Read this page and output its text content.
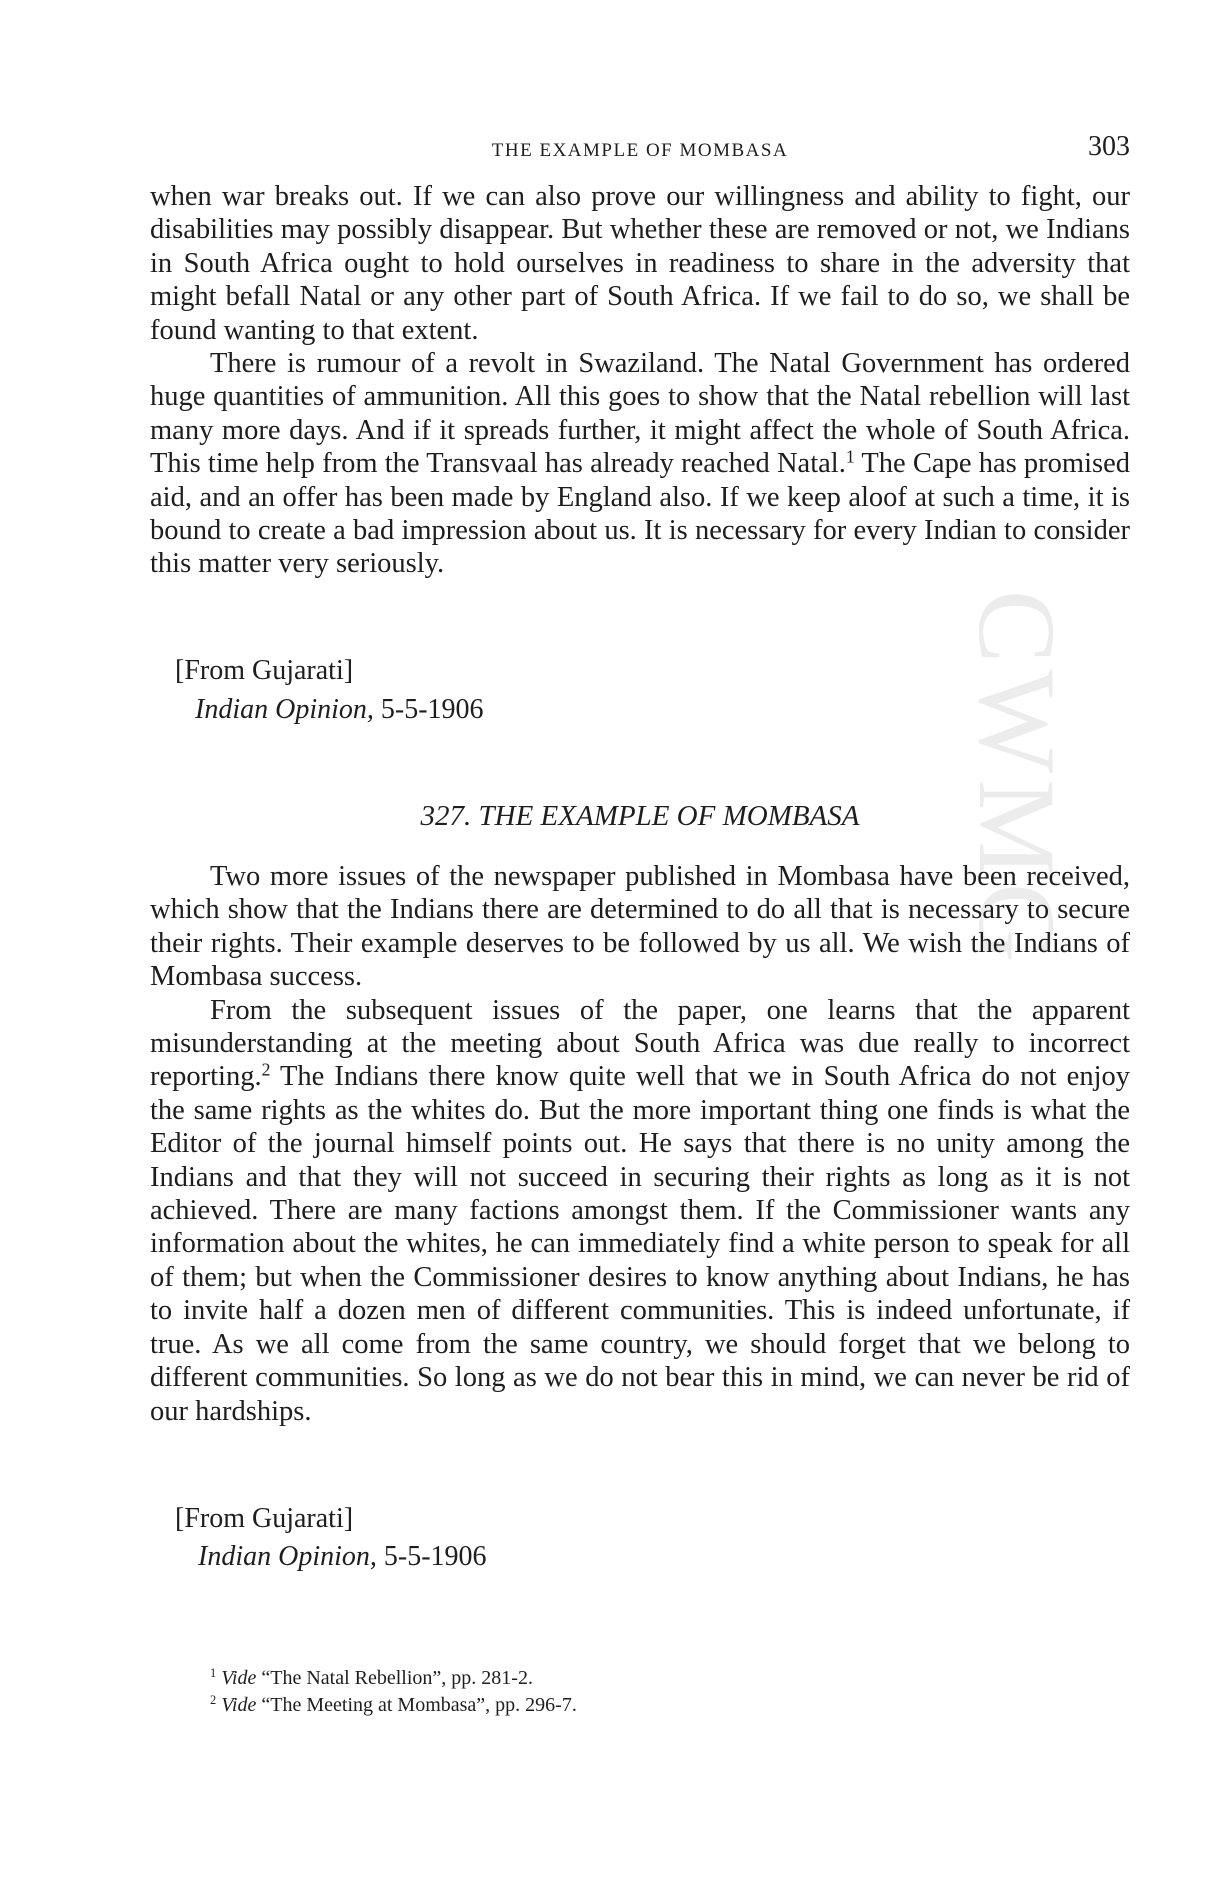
CWMG
THE EXAMPLE OF MOMBASA	303

when war breaks out. If we can also prove our willingness and ability to fight, our disabilities may possibly disappear. But whether these are removed or not, we Indians in South Africa ought to hold ourselves in readiness to share in the adversity that might befall Natal or any other part of South Africa. If we fail to do so, we shall be found wanting to that extent.

There is rumour of a revolt in Swaziland. The Natal Government has ordered huge quantities of ammunition. All this goes to show that the Natal rebellion will last many more days. And if it spreads further, it might affect the whole of South Africa. This time help from the Transvaal has already reached Natal.$^1$ The Cape has promised aid, and an offer has been made by England also. If we keep aloof at such a time, it is bound to create a bad impression about us. It is necessary for every Indian to consider this matter very seriously.

[From Gujarati]

Indian Opinion, 5-5-1906

327. THE EXAMPLE OF MOMBASA

Two more issues of the newspaper published in Mombasa have been received, which show that the Indians there are determined to do all that is necessary to secure their rights. Their example deserves to be followed by us all. We wish the Indians of Mombasa success.

From the subsequent issues of the paper, one learns that the apparent misunderstanding at the meeting about South Africa was due really to incorrect reporting.$^2$ The Indians there know quite well that we in South Africa do not enjoy the same rights as the whites do. But the more important thing one finds is what the Editor of the journal himself points out. He says that there is no unity among the Indians and that they will not succeed in securing their rights as long as it is not achieved. There are many factions amongst them. If the Commissioner wants any information about the whites, he can immediately find a white person to speak for all of them; but when the Commissioner desires to know anything about Indians, he has to invite half a dozen men of different communities. This is indeed unfortunate, if true. As we all come from the same country, we should forget that we belong to different communities. So long as we do not bear this in mind, we can never be rid of our hardships.

[From Gujarati]

Indian Opinion, 5-5-1906

$^1$ Vide “The Natal Rebellion”, pp. 281-2.

$^2$ Vide “The Meeting at Mombasa”, pp. 296-7.
